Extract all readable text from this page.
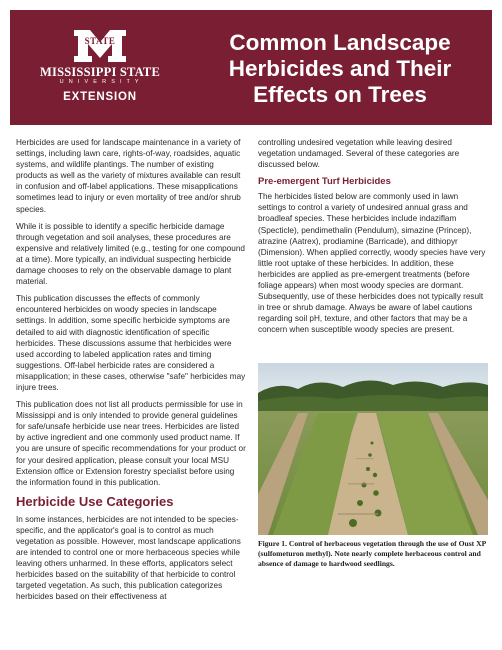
STATE
MISSISSIPPI STATE
U N I V E R S I T Y
EXTENSION
Common Landscape
Herbicides and Their
Effects on Trees

Herbicides are used for landscape maintenance in a variety of settings, including lawn care, rights-of-way, roadsides, aquatic systems, and wildlife plantings. The number of existing products as well as the variety of mixtures available can result in confusion and off-label applications. These misapplications sometimes lead to injury or even mortality of tree and/or shrub species.

While it is possible to identify a specific herbicide damage through vegetation and soil analyses, these procedures are expensive and relatively limited (e.g., testing for one compound at a time). More typically, an individual suspecting herbicide damage chooses to rely on the observable damage to plant material.

This publication discusses the effects of commonly encountered herbicides on woody species in landscape settings. In addition, some specific herbicide symptoms are detailed to aid with diagnostic identification of specific herbicides. These discussions assume that herbicides were used according to labeled application rates and timing suggestions. Off-label herbicide rates are considered a misapplication; in these cases, otherwise "safe" herbicides may injure trees.

This publication does not list all products permissible for use in Mississippi and is only intended to provide general guidelines for safe/unsafe herbicide use near trees. Herbicides are listed by active ingredient and one commonly used product name. If you are unsure of specific recommendations for your product or for your desired application, please consult your local MSU Extension office or Extension forestry specialist before using the information found in this publication.

Herbicide Use Categories

In some instances, herbicides are not intended to be species-specific, and the applicator's goal is to control as much vegetation as possible. However, most landscape applications are intended to control one or more herbaceous species while leaving others unharmed. In these efforts, applicators select herbicides based on the suitability of that herbicide to control targeted vegetation. As such, this publication categorizes herbicides based on their effectiveness at

controlling undesired vegetation while leaving desired vegetation undamaged. Several of these categories are discussed below.

Pre-emergent Turf Herbicides

The herbicides listed below are commonly used in lawn settings to control a variety of undesired annual grass and broadleaf species. These herbicides include indaziflam (Specticle), pendimethalin (Pendulum), simazine (Princep), atrazine (Aatrex), prodiamine (Barricade), and dithiopyr (Dimension). When applied correctly, woody species have very little root uptake of these herbicides. In addition, these herbicides are applied as pre-emergent treatments (before foliage appears) when most woody species are dormant. Subsequently, use of these herbicides does not typically result in tree or shrub damage. Always be aware of label cautions regarding soil pH, texture, and other factors that may be a concern when susceptible woody species are present.

Figure 1. Control of herbaceous vegetation through the use of Oust XP (sulfometuron methyl). Note nearly complete herbaceous control and absence of damage to hardwood seedlings.
